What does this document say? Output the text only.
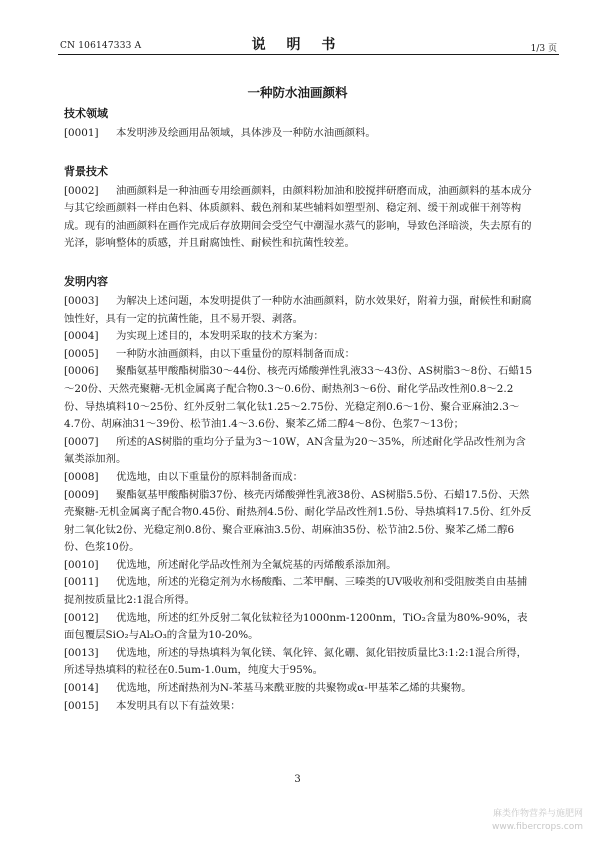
CN 106147333 A	说 明 书	1/3 页
一种防水油画颜料
技术领域
[0001] 本发明涉及绘画用品领域，具体涉及一种防水油画颜料。
背景技术
[0002] 油画颜料是一种油画专用绘画颜料，由颜料粉加油和胶搅拌研磨而成，油画颜料的基本成分与其它绘画颜料一样由色料、体质颜料、载色剂和某些辅料如塑型剂、稳定剂、缓干剂或催干剂等构成。现有的油画颜料在画作完成后存放期间会受空气中潮湿水蒸气的影响，导致色泽暗淡，失去原有的光泽，影响整体的质感，并且耐腐蚀性、耐候性和抗菌性较差。
发明内容
[0003] 为解决上述问题，本发明提供了一种防水油画颜料，防水效果好，附着力强，耐候性和耐腐蚀性好，具有一定的抗菌性能，且不易开裂、剥落。
[0004] 为实现上述目的，本发明采取的技术方案为：
[0005] 一种防水油画颜料，由以下重量份的原料制备而成：
[0006] 聚酯氨基甲酸酯树脂30～44份、核壳丙烯酸弹性乳液33～43份、AS树脂3～8份、石蜡15～20份、天然壳聚糖-无机金属离子配合物0.3～0.6份、耐热剂3～6份、耐化学品改性剂0.8～2.2份、导热填料10～25份、红外反射二氧化钛1.25～2.75份、光稳定剂0.6～1份、聚合亚麻油2.3～4.7份、胡麻油31～39份、松节油1.4～3.6份、聚苯乙烯二醇4～8份、色浆7～13份；
[0007] 所述的AS树脂的重均分子量为3～10W，AN含量为20～35%，所述耐化学品改性剂为含氟类添加剂。
[0008] 优选地，由以下重量份的原料制备而成：
[0009] 聚酯氨基甲酸酯树脂37份、核壳丙烯酸弹性乳液38份、AS树脂5.5份、石蜡17.5份、天然壳聚糖-无机金属离子配合物0.45份、耐热剂4.5份、耐化学品改性剂1.5份、导热填料17.5份、红外反射二氧化钛2份、光稳定剂0.8份、聚合亚麻油3.5份、胡麻油35份、松节油2.5份、聚苯乙烯二醇6份、色浆10份。
[0010] 优选地，所述耐化学品改性剂为全氟烷基的丙烯酸系添加剂。
[0011] 优选地，所述的光稳定剂为水杨酸酯、二苯甲酮、三嗪类的UV吸收剂和受阻胺类自由基捕捉剂按质量比2:1混合所得。
[0012] 优选地，所述的红外反射二氧化钛粒径为1000nm-1200nm，TiO₂含量为80%-90%，表面包覆层SiO₂与Al₂O₃的含量为10-20%。
[0013] 优选地，所述的导热填料为氧化镁、氧化锌、氮化硼、氮化铝按质量比3:1:2:1混合所得，所述导热填料的粒径在0.5um-1.0um，纯度大于95%。
[0014] 优选地，所述耐热剂为N-苯基马来酰亚胺的共聚物或α-甲基苯乙烯的共聚物。
[0015] 本发明具有以下有益效果：
3
麻类作物营养与施肥网
www.fibercrops.com
